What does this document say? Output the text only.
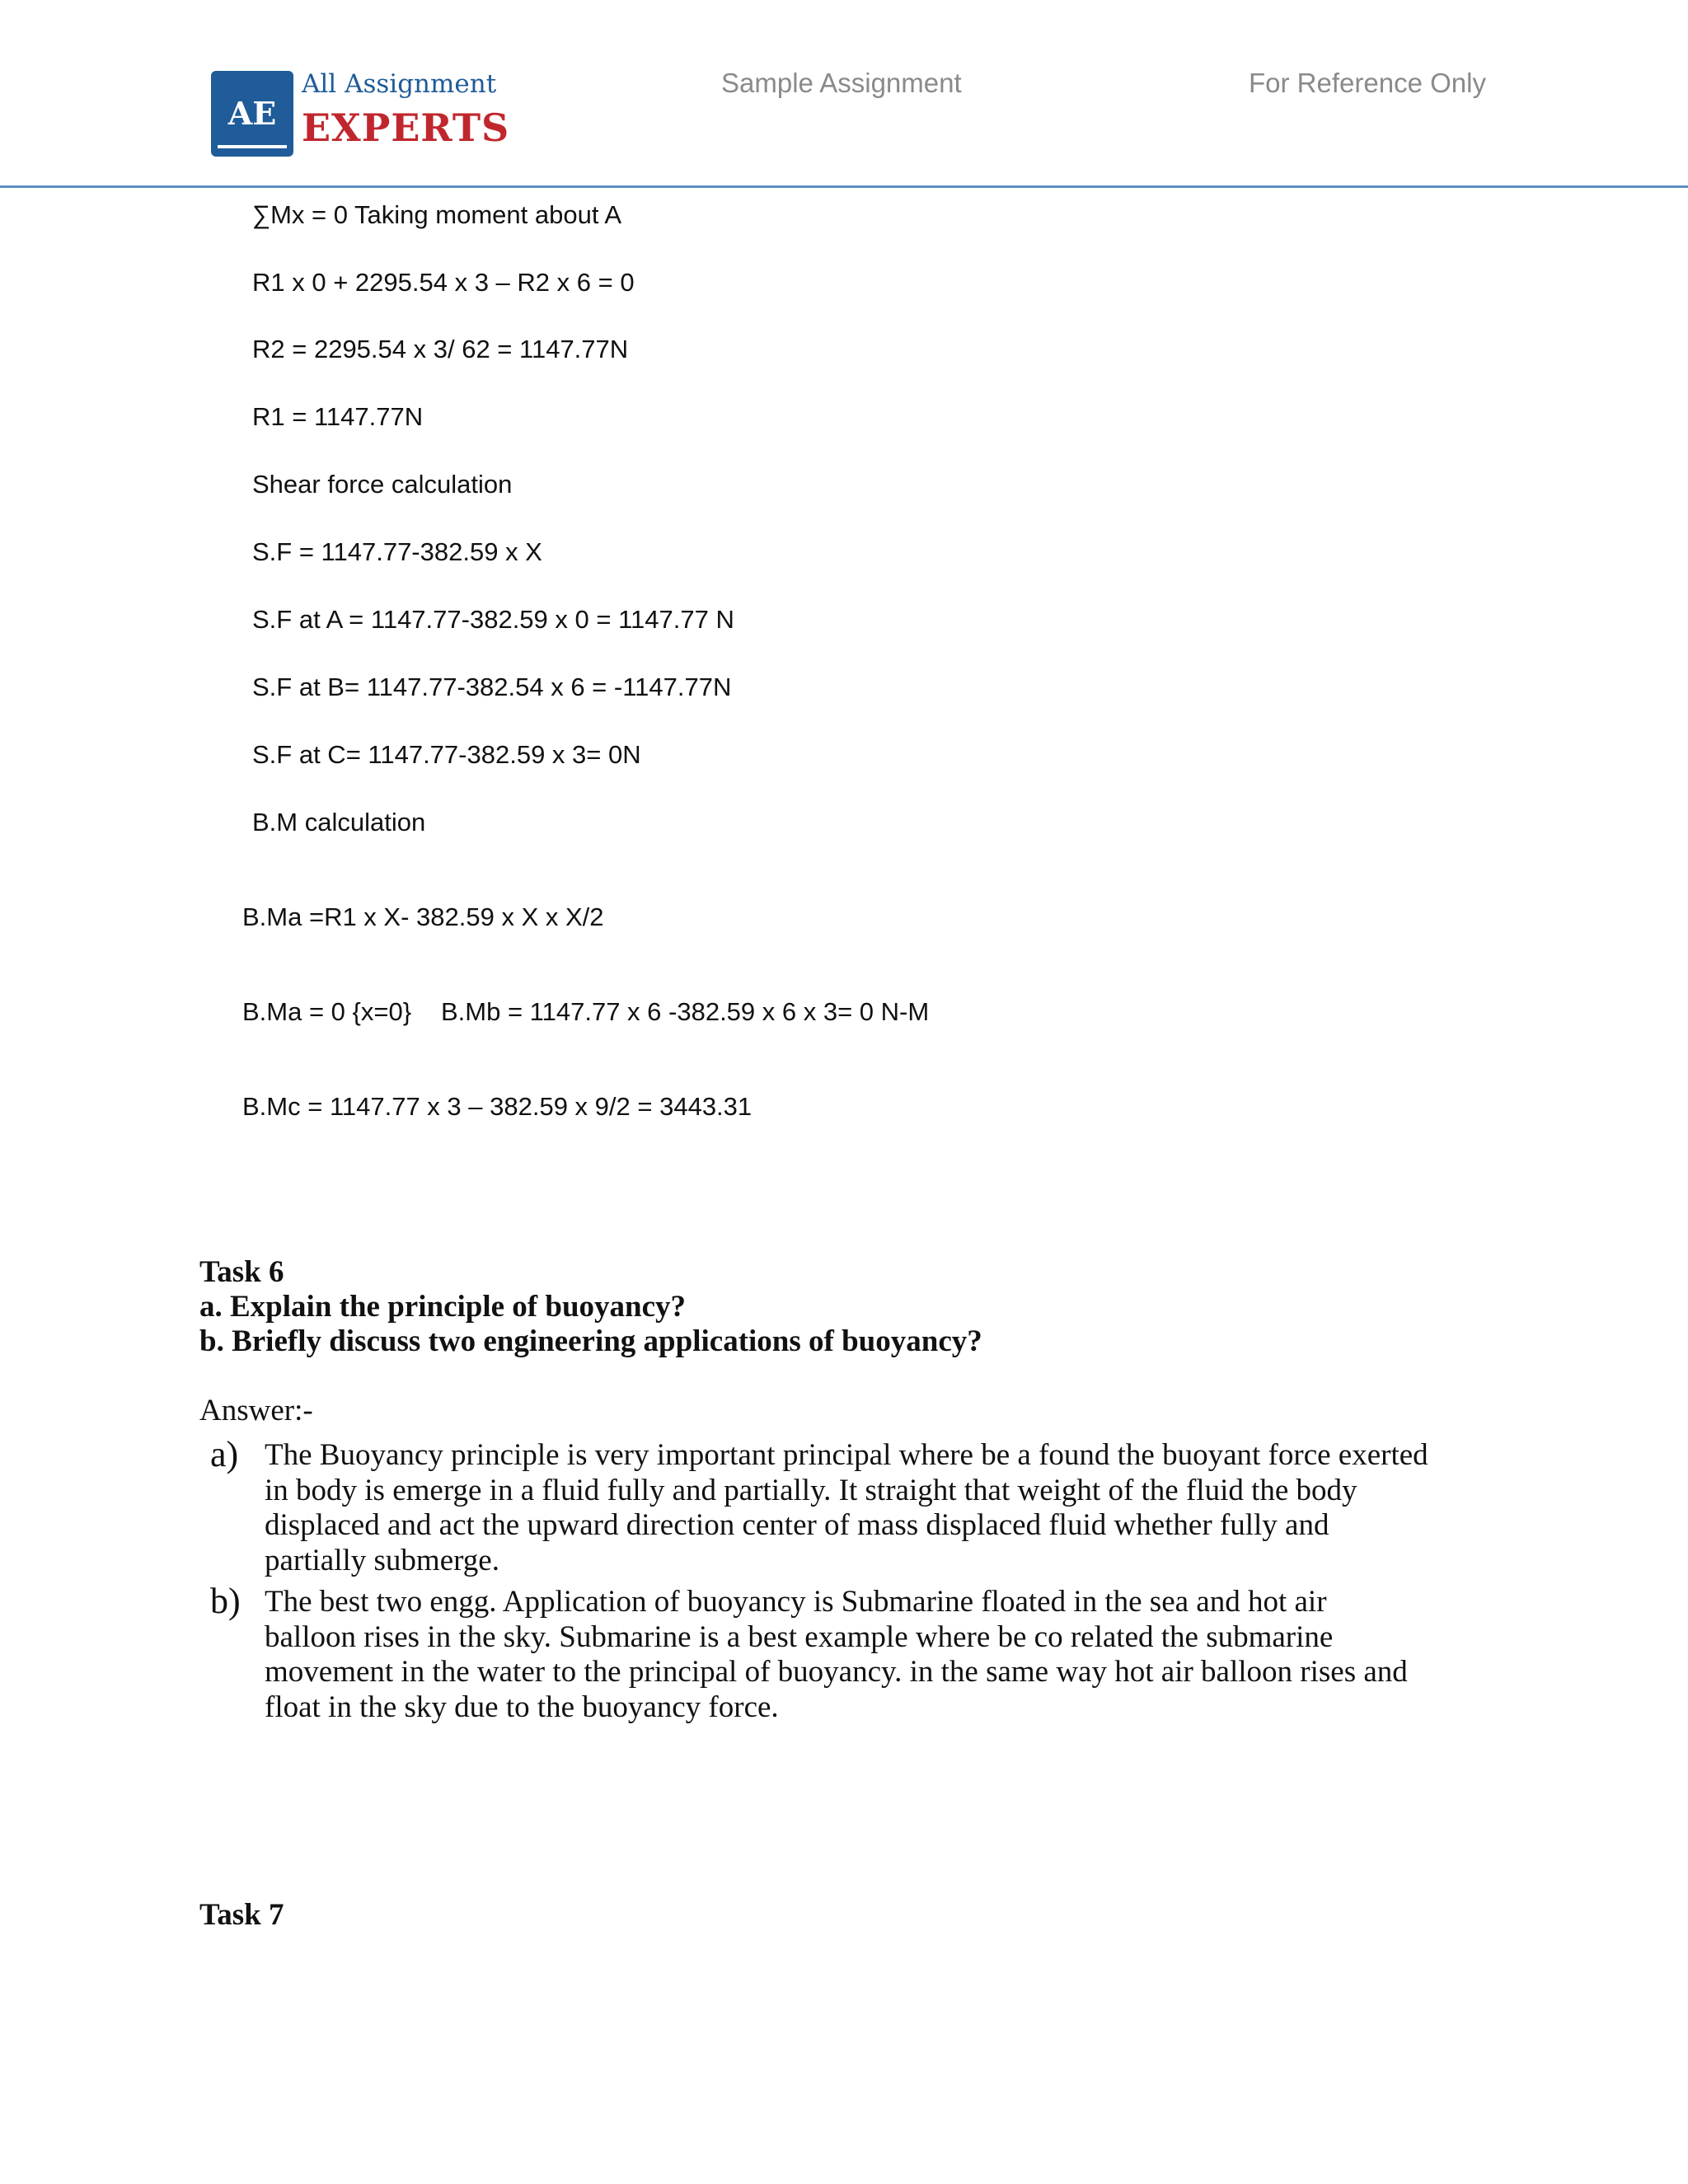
AE
All Assignment
EXPERTS
Sample Assignment	For Reference Only
∑Mx = 0 Taking moment about A
R1 x 0 + 2295.54 x 3 – R2 x 6 = 0
R2 = 2295.54 x 3/ 62 = 1147.77N
R1 = 1147.77N
Shear force calculation
S.F = 1147.77-382.59 x X
S.F at A = 1147.77-382.59 x 0 = 1147.77 N
S.F at B= 1147.77-382.54 x 6 = -1147.77N
S.F at C= 1147.77-382.59 x 3= 0N
B.M calculation
B.Ma =R1 x X- 382.59 x X x X/2
B.Ma = 0 {x=0} B.Mb = 1147.77 x 6 -382.59 x 6 x 3= 0 N-M
B.Mc = 1147.77 x 3 – 382.59 x 9/2 = 3443.31
Task 6
a. Explain the principle of buoyancy?
b. Briefly discuss two engineering applications of buoyancy?
Answer:-
a) The Buoyancy principle is very important principal where be a found the buoyant force exerted
in body is emerge in a fluid fully and partially. It straight that weight of the fluid the body
displaced and act the upward direction center of mass displaced fluid whether fully and
partially submerge.
b) The best two engg. Application of buoyancy is Submarine floated in the sea and hot air
balloon rises in the sky. Submarine is a best example where be co related the submarine
movement in the water to the principal of buoyancy. in the same way hot air balloon rises and
float in the sky due to the buoyancy force.
Task 7
